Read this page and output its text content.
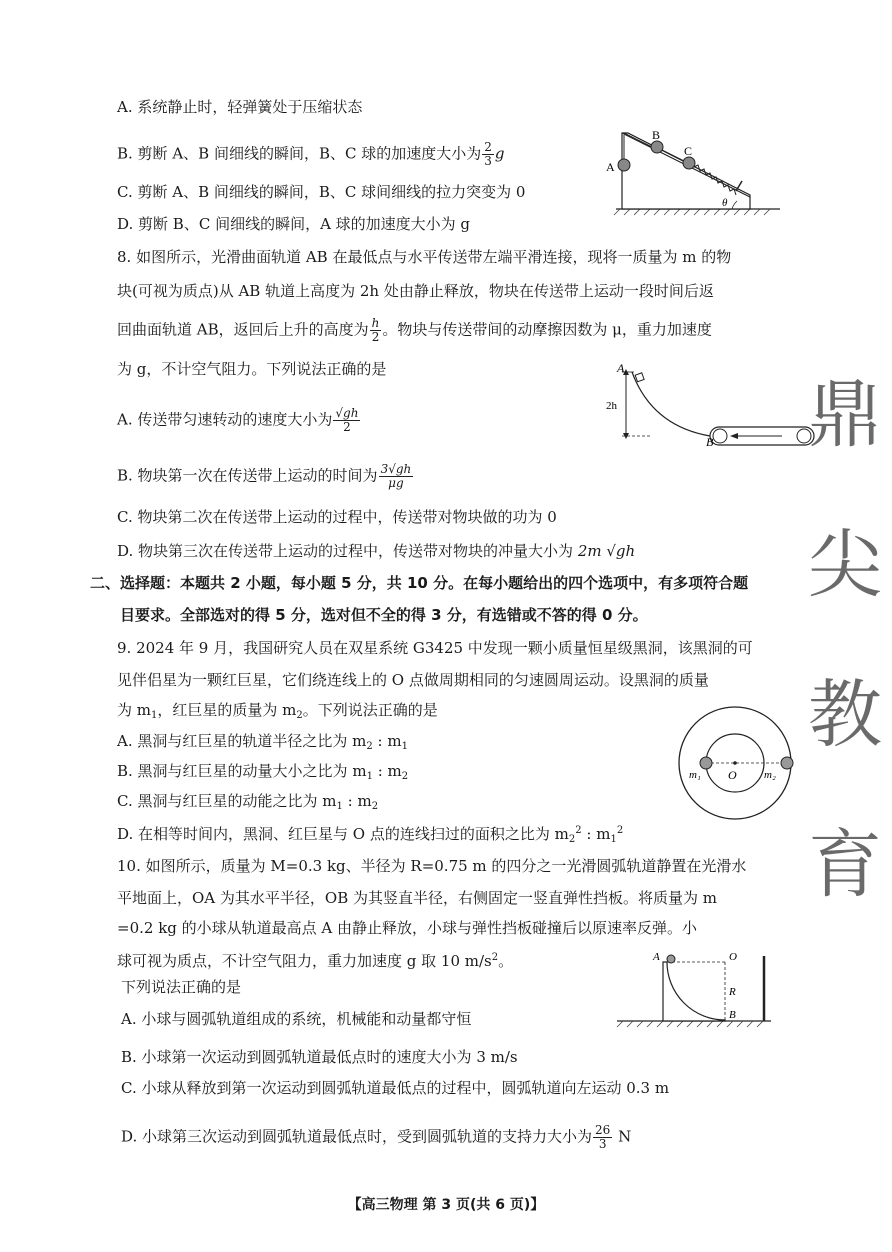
A. 系统静止时，轻弹簧处于压缩状态
B. 剪断 A、B 间细线的瞬间，B、C 球的加速度大小为 $\frac{2}{3}$ g
C. 剪断 A、B 间细线的瞬间，B、C 球间细线的拉力突变为 0
D. 剪断 B、C 间细线的瞬间，A 球的加速度大小为 g
A
B
C
θ
8. 如图所示，光滑曲面轨道 AB 在最低点与水平传送带左端平滑连接，现将一质量为 m 的物
块(可视为质点)从 AB 轨道上高度为 2h 处由静止释放，物块在传送带上运动一段时间后返
回曲面轨道 AB，返回后上升的高度为 $\frac{h}{2}$ 。物块与传送带间的动摩擦因数为 μ，重力加速度
为 g，不计空气阻力。下列说法正确的是
A. 传送带匀速转动的速度大小为 $\frac{√gh}{2}$
B. 物块第一次在传送带上运动的时间为 $\frac{3√gh}{\mu g}$
C. 物块第二次在传送带上运动的过程中，传送带对物块做的功为 0
D. 物块第三次在传送带上运动的过程中，传送带对物块的冲量大小为 2m √gh
A
2h
B
二、选择题：本题共 2 小题，每小题 5 分，共 10 分。在每小题给出的四个选项中，有多项符合题
目要求。全部选对的得 5 分，选对但不全的得 3 分，有选错或不答的得 0 分。
9. 2024 年 9 月，我国研究人员在双星系统 G3425 中发现一颗小质量恒星级黑洞，该黑洞的可
见伴侣星为一颗红巨星，它们绕连线上的 O 点做周期相同的匀速圆周运动。设黑洞的质量
为 $m_1$，红巨星的质量为 $m_2$。下列说法正确的是
A. 黑洞与红巨星的轨道半径之比为 $m_2$ : $m_1$
B. 黑洞与红巨星的动量大小之比为 $m_1$ : $m_2$
C. 黑洞与红巨星的动能之比为 $m_1$ : $m_2$
D. 在相等时间内，黑洞、红巨星与 O 点的连线扫过的面积之比为 $m_2^2$ : $m_1^2$
m₁ O m₂
10. 如图所示，质量为 M=0.3 kg、半径为 R=0.75 m 的四分之一光滑圆弧轨道静置在光滑水
平地面上，OA 为其水平半径，OB 为其竖直半径，右侧固定一竖直弹性挡板。将质量为 m
=0.2 kg 的小球从轨道最高点 A 由静止释放，小球与弹性挡板碰撞后以原速率反弹。小
球可视为质点，不计空气阻力，重力加速度 g 取 10 $m/s^2$。
下列说法正确的是
A. 小球与圆弧轨道组成的系统，机械能和动量都守恒
B. 小球第一次运动到圆弧轨道最低点时的速度大小为 3 m/s
C. 小球从释放到第一次运动到圆弧轨道最低点的过程中，圆弧轨道向左运动 0.3 m
D. 小球第三次运动到圆弧轨道最低点时，受到圆弧轨道的支持力大小为 $\frac{26}{3}$ N
A	O
R
B
鼎
尖
教
育
【高三物理 第 3 页(共 6 页)】
